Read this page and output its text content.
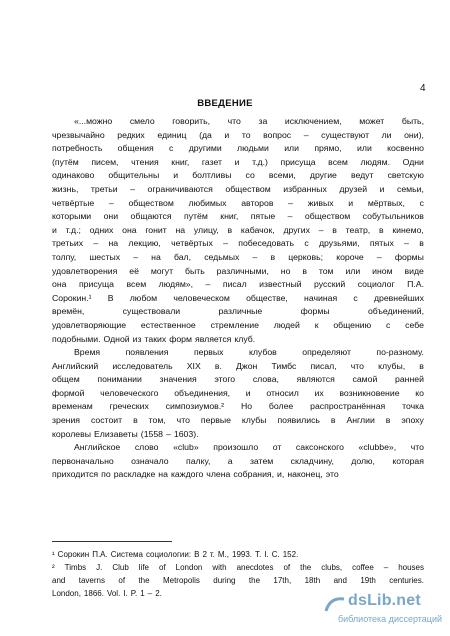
4
ВВЕДЕНИЕ
«...можно смело говорить, что за исключением, может быть,
чрезвычайно редких единиц (да и то вопрос – существуют ли они),
потребность общения с другими людьми или прямо, или косвенно
(путём писем, чтения книг, газет и т.д.) присуща всем людям. Одни
одинаково общительны и болтливы со всеми, другие ведут светскую
жизнь, третьи – ограничиваются обществом избранных друзей и семьи,
четвёртые – обществом любимых авторов – живых и мёртвых, с
которыми они общаются путём книг, пятые – обществом собутыльников
и т.д.; одних она гонит на улицу, в кабачок, других – в театр, в кинемо,
третьих – на лекцию, четвёртых – побеседовать с друзьями, пятых – в
толпу, шестых – на бал, седьмых – в церковь; короче – формы
удовлетворения её могут быть различными, но в том или ином виде
она присуща всем людям», – писал известный русский социолог П.А.
Сорокин.¹ В любом человеческом обществе, начиная с древнейших
времён,	существовали	различные	формы	объединений,
удовлетворяющие естественное стремление людей к общению с себе
подобными. Одной из таких форм является клуб.
Время	появления	первых	клубов	определяют	по-разному.
Английский исследователь XIX в. Джон Тимбс писал, что клубы, в
общем понимании значения этого слова, являются самой ранней
формой человеческого объединения, и относил их возникновение ко
временам греческих симпозиумов.² Но более распространённая точка
зрения состоит в том, что первые клубы появились в Англии в эпоху
королевы Елизаветы (1558 – 1603).
Английское слово «club» произошло от саксонского «clubbe», что
первоначально означало палку, а затем складчину, долю, которая
приходится по раскладке на каждого члена собрания, и, наконец, это
¹ Сорокин П.А. Система социологии: В 2 т. М., 1993. Т. I. С. 152.
² Timbs J. Club life of London with anecdotes of the clubs, coffee – houses
and taverns of the Metropolis during the 17th, 18th and 19th centuries.
London, 1866. Vol. I. P. 1 – 2.	dsLib.net
библиотека диссертаций
